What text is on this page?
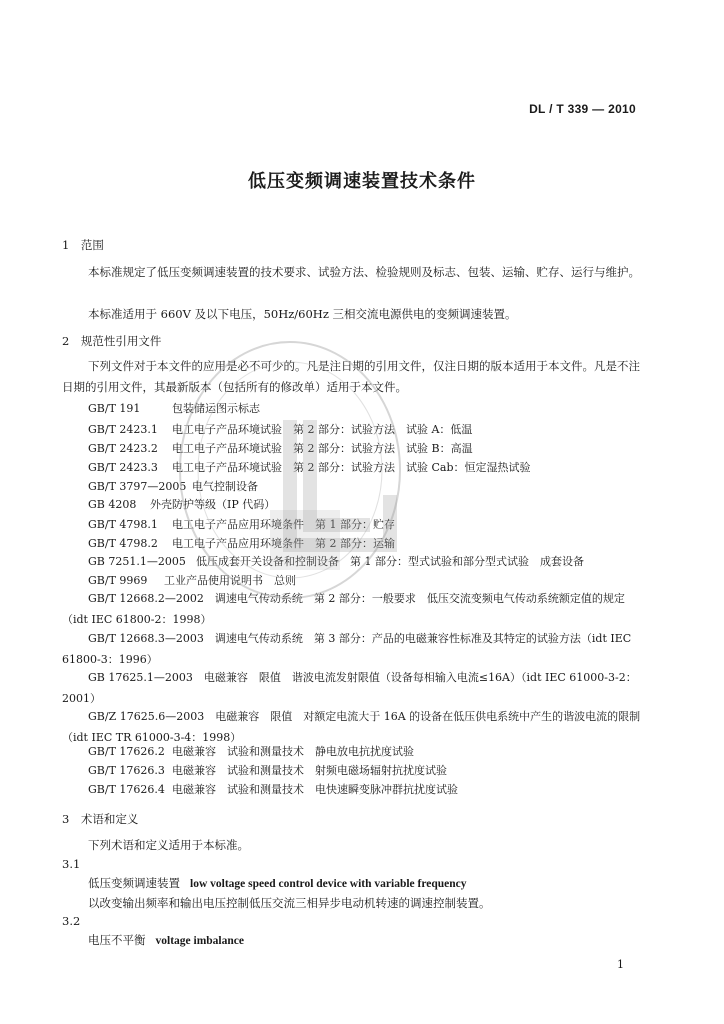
DL / T 339 — 2010
低压变频调速装置技术条件
1　范围
本标准规定了低压变频调速装置的技术要求、试验方法、检验规则及标志、包装、运输、贮存、运行与维护。
本标准适用于 660V 及以下电压，50Hz/60Hz 三相交流电源供电的变频调速装置。
2　规范性引用文件
下列文件对于本文件的应用是必不可少的。凡是注日期的引用文件，仅注日期的版本适用于本文件。凡是不注日期的引用文件，其最新版本（包括所有的修改单）适用于本文件。
GB/T 191	包装储运图示标志
GB/T 2423.1 电工电子产品环境试验　第 2 部分：试验方法　试验 A：低温
GB/T 2423.2 电工电子产品环境试验　第 2 部分：试验方法　试验 B：高温
GB/T 2423.3 电工电子产品环境试验　第 2 部分：试验方法　试验 Cab：恒定湿热试验
GB/T 3797—2005 电气控制设备
GB 4208 外壳防护等级（IP 代码）
GB/T 4798.1 电工电子产品应用环境条件　第 1 部分：贮存
GB/T 4798.2 电工电子产品应用环境条件　第 2 部分：运输
GB 7251.1—2005 低压成套开关设备和控制设备　第 1 部分：型式试验和部分型式试验　成套设备
GB/T 9969 工业产品使用说明书　总则
GB/T 12668.2—2002　调速电气传动系统　第 2 部分：一般要求　低压交流变频电气传动系统额定值的规定（idt IEC 61800-2：1998）
GB/T 12668.3—2003　调速电气传动系统　第 3 部分：产品的电磁兼容性标准及其特定的试验方法（idt IEC 61800-3：1996）
GB 17625.1—2003　电磁兼容　限值　谐波电流发射限值（设备每相输入电流≤16A）（idt IEC 61000-3-2：2001）
GB/Z 17625.6—2003　电磁兼容　限值　对额定电流大于 16A 的设备在低压供电系统中产生的谐波电流的限制（idt IEC TR 61000-3-4：1998）
GB/T 17626.2 电磁兼容　试验和测量技术　静电放电抗扰度试验
GB/T 17626.3 电磁兼容　试验和测量技术　射频电磁场辐射抗扰度试验
GB/T 17626.4 电磁兼容　试验和测量技术　电快速瞬变脉冲群抗扰度试验
3　术语和定义
下列术语和定义适用于本标准。
3.1
低压变频调速装置 low voltage speed control device with variable frequency
以改变输出频率和输出电压控制低压交流三相异步电动机转速的调速控制装置。
3.2
电压不平衡 voltage imbalance
1
